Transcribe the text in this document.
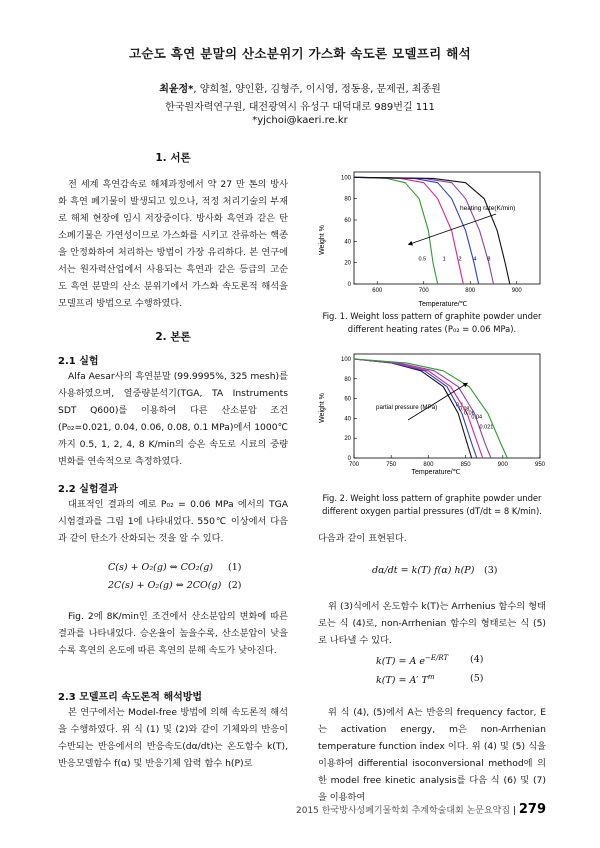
고순도 흑연 분말의 산소분위기 가스화 속도론 모델프리 해석
최윤정*, 양희철, 양인환, 김형주, 이시영, 정동용, 문제권, 최종원
한국원자력연구원, 대전광역시 유성구 대덕대로 989번길 111
*yjchoi@kaeri.re.kr
1. 서론
전 세계 흑연감속로 해체과정에서 약 27 만 톤의 방사화 흑연 폐기물이 발생되고 있으나, 적정 처리기술의 부재로 해체 현장에 임시 저장중이다. 방사화 흑연과 같은 탄소폐기물은 가연성이므로 가스화를 시키고 잔류하는 핵종을 안정화하여 처리하는 방법이 가장 유리하다. 본 연구에서는 원자력산업에서 사용되는 흑연과 같은 등급의 고순도 흑연 분말의 산소 분위기에서 가스화 속도론적 해석을 모델프리 방법으로 수행하였다.
2. 본론
2.1 실험
Alfa Aesar사의 흑연분말 (99.9995%, 325 mesh)를 사용하였으며, 열중량분석기(TGA, TA Instruments SDT Q600)를 이용하여 다른 산소분압 조건 (P₀₂=0.021, 0.04, 0.06, 0.08, 0.1 MPa)에서 1000℃ 까지 0.5, 1, 2, 4, 8 K/min의 승온 속도로 시료의 중량 변화를 연속적으로 측정하였다.
2.2 실험결과
대표적인 결과의 예로 P₀₂ = 0.06 MPa 에서의 TGA 시험결과를 그림 1에 나타내었다. 550℃ 이상에서 다음과 같이 탄소가 산화되는 것을 알 수 있다.
C(s) + O₂(g) ⇔ CO₂(g) (1)
2C(s) + O₂(g) ⇔ 2CO(g) (2)
Fig. 2에 8K/min인 조건에서 산소분압의 변화에 따른 결과를 나타내었다. 승온율이 높을수록, 산소분압이 낮을수록 흑연의 온도에 따른 흑연의 분해 속도가 낮아진다.
2.3 모델프리 속도론적 해석방법
본 연구에서는 Model-free 방법에 의해 속도론적 해석을 수행하였다. 위 식 (1) 및 (2)와 같이 기체와의 반응이 수반되는 반응에서의 반응속도(dα/dt)는 온도함수 k(T), 반응모델함수 f(α) 및 반응기체 압력 함수 h(P)로
0
20
40
60
80
100
600	700	800	900
0.5	1 2 4 8
Weight %
Temperature/℃
heating rate(K/min)
Fig. 1. Weight loss pattern of graphite powder under different heating rates (P₀₂ = 0.06 MPa).
0
20
40
60
80
100
700	750	800	850	900	950
0.1
0.08
0.06
0.04
0.021
Weight %
Temperature/℃
partial pressure (MPa)
Fig. 2. Weight loss pattern of graphite powder under different oxygen partial pressures (dT/dt = 8 K/min).
다음과 같이 표현된다.
dα/dt = k(T) f(α) h(P) (3)
위 (3)식에서 온도함수 k(T)는 Arrhenius 함수의 형태로는 식 (4)로, non-Arrhenian 함수의 형태로는 식 (5)로 나타낼 수 있다.
k(T) = A $e^{-E/RT}$ (4)
k(T) = A′ $T^m$	(5)
위 식 (4), (5)에서 A는 반응의 frequency factor, E는 activation energy, m은 non-Arrhenian temperature function index 이다. 위 (4) 및 (5) 식을 이용하여 differential isoconversional method에 의한 model free kinetic analysis를 다음 식 (6) 및 (7)을 이용하여
2015 한국방사성폐기물학회 추계학술대회 논문요약집 | 279
